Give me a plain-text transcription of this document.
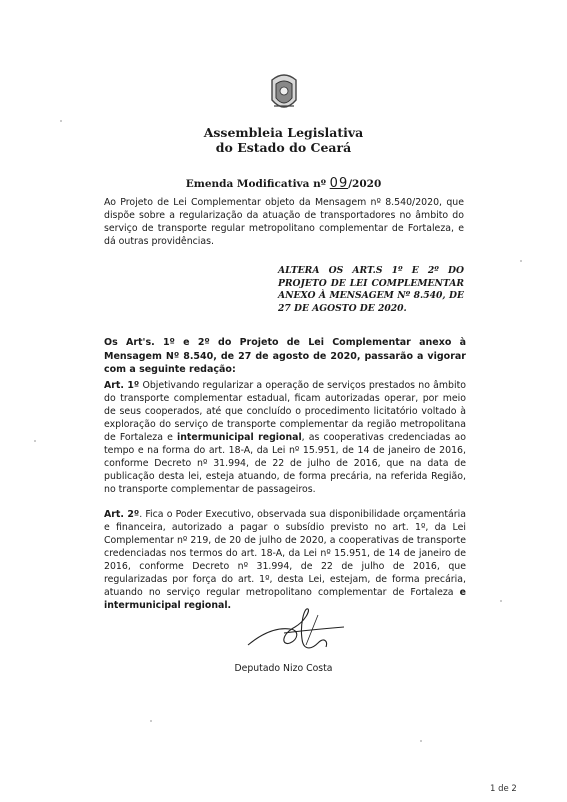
Assembleia Legislativa
do Estado do Ceará
Emenda Modificativa nº 09/2020

Ao Projeto de Lei Complementar objeto da Mensagem nº 8.540/2020, que dispõe sobre a regularização da atuação de transportadores no âmbito do serviço de transporte regular metropolitano complementar de Fortaleza, e dá outras providências.

ALTERA OS ART.S 1º E 2º DO PROJETO DE LEI COMPLEMENTAR ANEXO À MENSAGEM Nº 8.540, DE 27 DE AGOSTO DE 2020.

Os Art's. 1º e 2º do Projeto de Lei Complementar anexo à Mensagem Nº 8.540, de 27 de agosto de 2020, passarão a vigorar com a seguinte redação:

Art. 1º Objetivando regularizar a operação de serviços prestados no âmbito do transporte complementar estadual, ficam autorizadas operar, por meio de seus cooperados, até que concluído o procedimento licitatório voltado à exploração do serviço de transporte complementar da região metropolitana de Fortaleza e intermunicipal regional, as cooperativas credenciadas ao tempo e na forma do art. 18-A, da Lei nº 15.951, de 14 de janeiro de 2016, conforme Decreto nº 31.994, de 22 de julho de 2016, que na data de publicação desta lei, esteja atuando, de forma precária, na referida Região, no transporte complementar de passageiros.

Art. 2º. Fica o Poder Executivo, observada sua disponibilidade orçamentária e financeira, autorizado a pagar o subsídio previsto no art. 1º, da Lei Complementar nº 219, de 20 de julho de 2020, a cooperativas de transporte credenciadas nos termos do art. 18-A, da Lei nº 15.951, de 14 de janeiro de 2016, conforme Decreto nº 31.994, de 22 de julho de 2016, que regularizadas por força do art. 1º, desta Lei, estejam, de forma precária, atuando no serviço regular metropolitano complementar de Fortaleza e intermunicipal regional.

Deputado Nizo Costa
1 de 2
